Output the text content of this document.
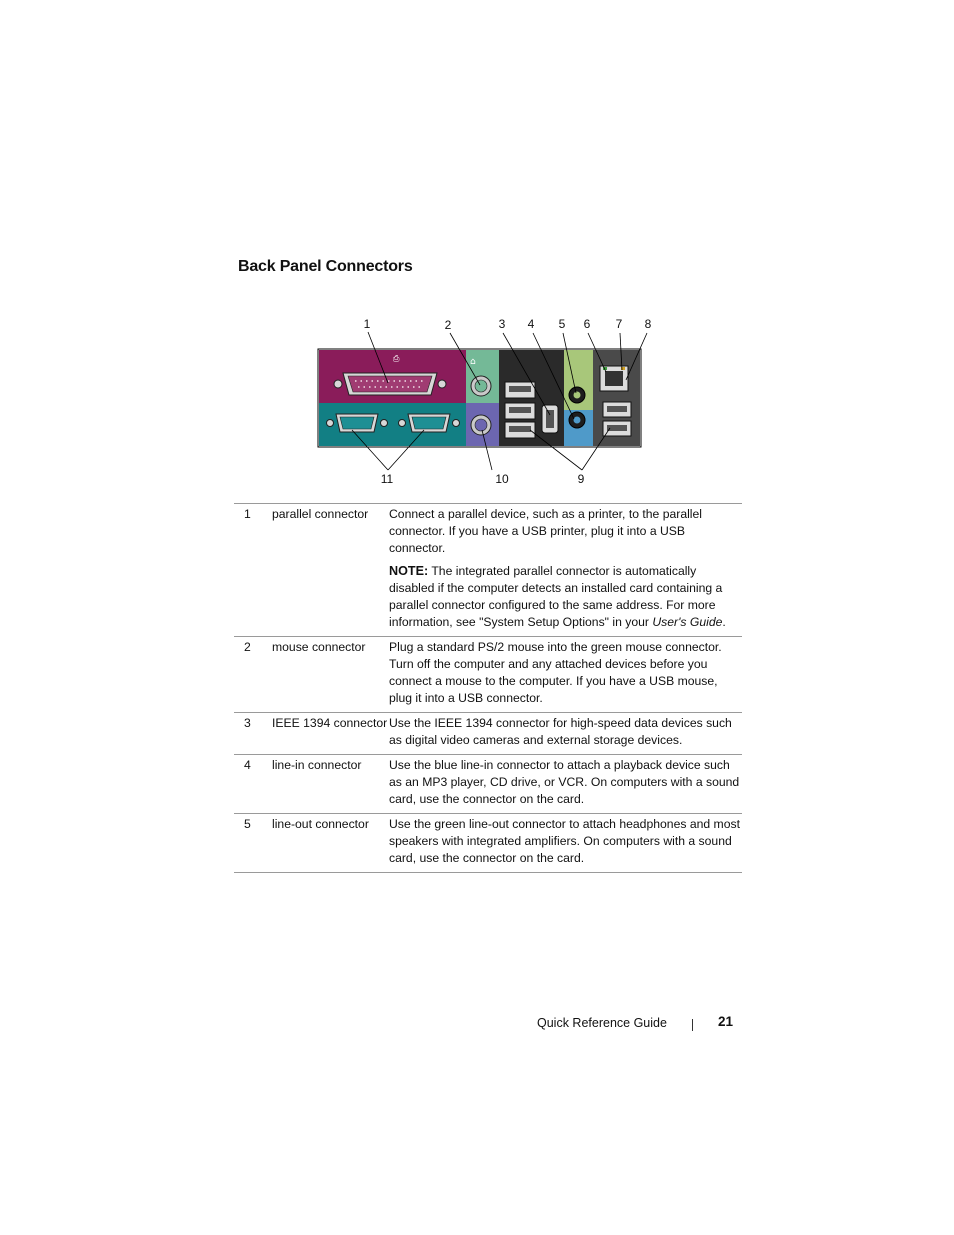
Back Panel Connectors
⎙	⌂
1	2	3	4	5	6	7	8
9
10
11
1	parallel connector	Connect a parallel device, such as a printer, to the parallel connector. If you have a USB printer, plug it into a USB connector.
NOTE: The integrated parallel connector is automatically disabled if the computer detects an installed card containing a parallel connector configured to the same address. For more information, see "System Setup Options" in your User's Guide.

2	mouse connector	Plug a standard PS/2 mouse into the green mouse connector. Turn off the computer and any attached devices before you connect a mouse to the computer. If you have a USB mouse, plug it into a USB connector.
3	IEEE 1394 connector	Use the IEEE 1394 connector for high-speed data devices such as digital video cameras and external storage devices.
4	line-in connector	Use the blue line-in connector to attach a playback device such as an MP3 player, CD drive, or VCR. On computers with a sound card, use the connector on the card.
5	line-out connector	Use the green line-out connector to attach headphones and most speakers with integrated amplifiers. On computers with a sound card, use the connector on the card.
Quick Reference Guide	21
